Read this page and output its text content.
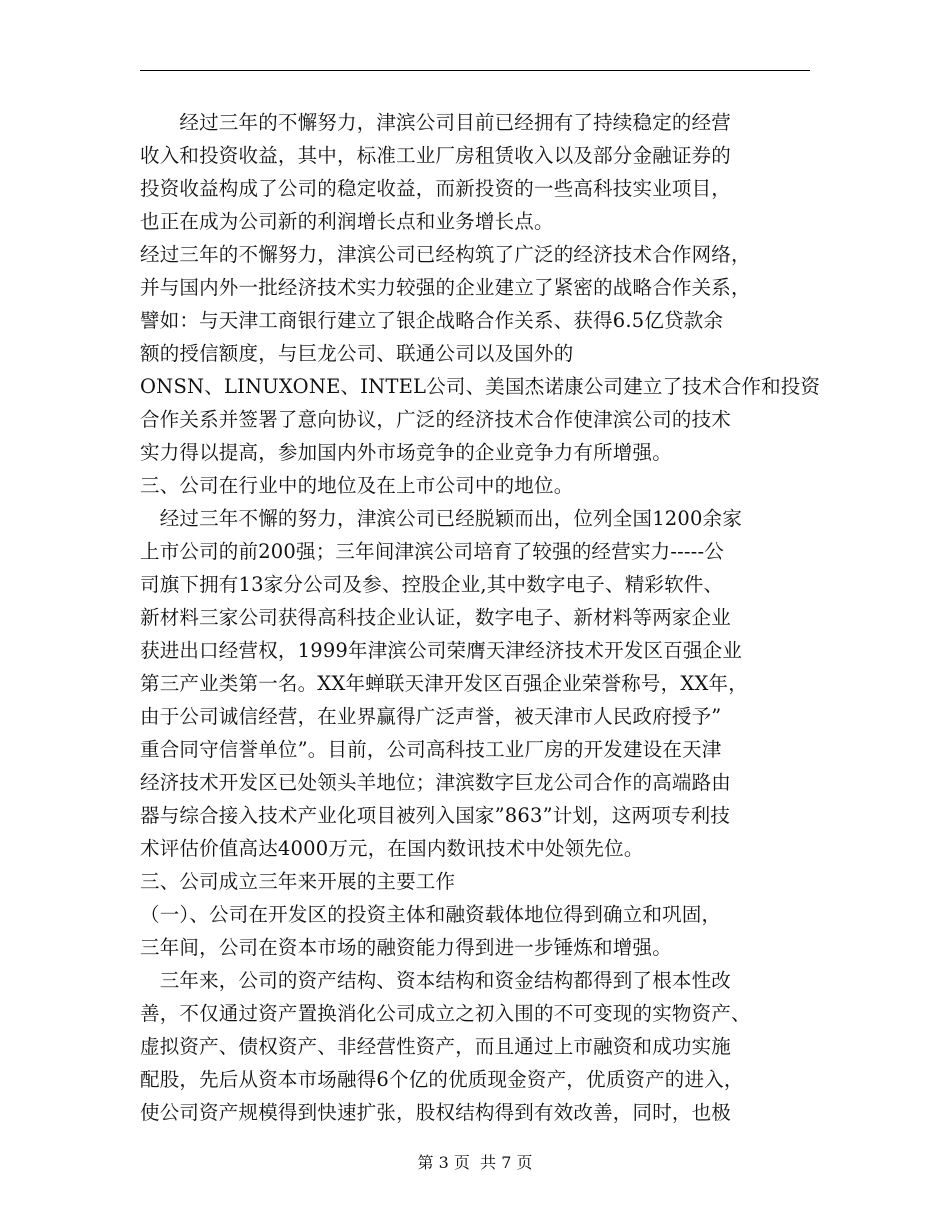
　　经过三年的不懈努力，津滨公司目前已经拥有了持续稳定的经营
收入和投资收益，其中，标准工业厂房租赁收入以及部分金融证券的
投资收益构成了公司的稳定收益，而新投资的一些高科技实业项目，
也正在成为公司新的利润增长点和业务增长点。
经过三年的不懈努力，津滨公司已经构筑了广泛的经济技术合作网络，
并与国内外一批经济技术实力较强的企业建立了紧密的战略合作关系，
譬如：与天津工商银行建立了银企战略合作关系、获得6.5亿贷款余
额的授信额度，与巨龙公司、联通公司以及国外的
ONSN、LINUXONE、INTEL公司、美国杰诺康公司建立了技术合作和投资
合作关系并签署了意向协议，广泛的经济技术合作使津滨公司的技术
实力得以提高，参加国内外市场竞争的企业竞争力有所增强。
三、公司在行业中的地位及在上市公司中的地位。
　经过三年不懈的努力，津滨公司已经脱颖而出，位列全国1200余家
上市公司的前200强；三年间津滨公司培育了较强的经营实力-----公
司旗下拥有13家分公司及参、控股企业,其中数字电子、精彩软件、
新材料三家公司获得高科技企业认证，数字电子、新材料等两家企业
获进出口经营权，1999年津滨公司荣膺天津经济技术开发区百强企业
第三产业类第一名。XX年蝉联天津开发区百强企业荣誉称号，XX年，
由于公司诚信经营，在业界赢得广泛声誉，被天津市人民政府授予”
重合同守信誉单位”。目前，公司高科技工业厂房的开发建设在天津
经济技术开发区已处领头羊地位；津滨数字巨龙公司合作的高端路由
器与综合接入技术产业化项目被列入国家”863”计划，这两项专利技
术评估价值高达4000万元，在国内数讯技术中处领先位。
三、公司成立三年来开展的主要工作
（一）、公司在开发区的投资主体和融资载体地位得到确立和巩固，
三年间，公司在资本市场的融资能力得到进一步锤炼和增强。
　三年来，公司的资产结构、资本结构和资金结构都得到了根本性改
善，不仅通过资产置换消化公司成立之初入围的不可变现的实物资产、
虚拟资产、债权资产、非经营性资产，而且通过上市融资和成功实施
配股，先后从资本市场融得6个亿的优质现金资产，优质资产的进入，
使公司资产规模得到快速扩张，股权结构得到有效改善，同时，也极
第 3 页  共 7 页
